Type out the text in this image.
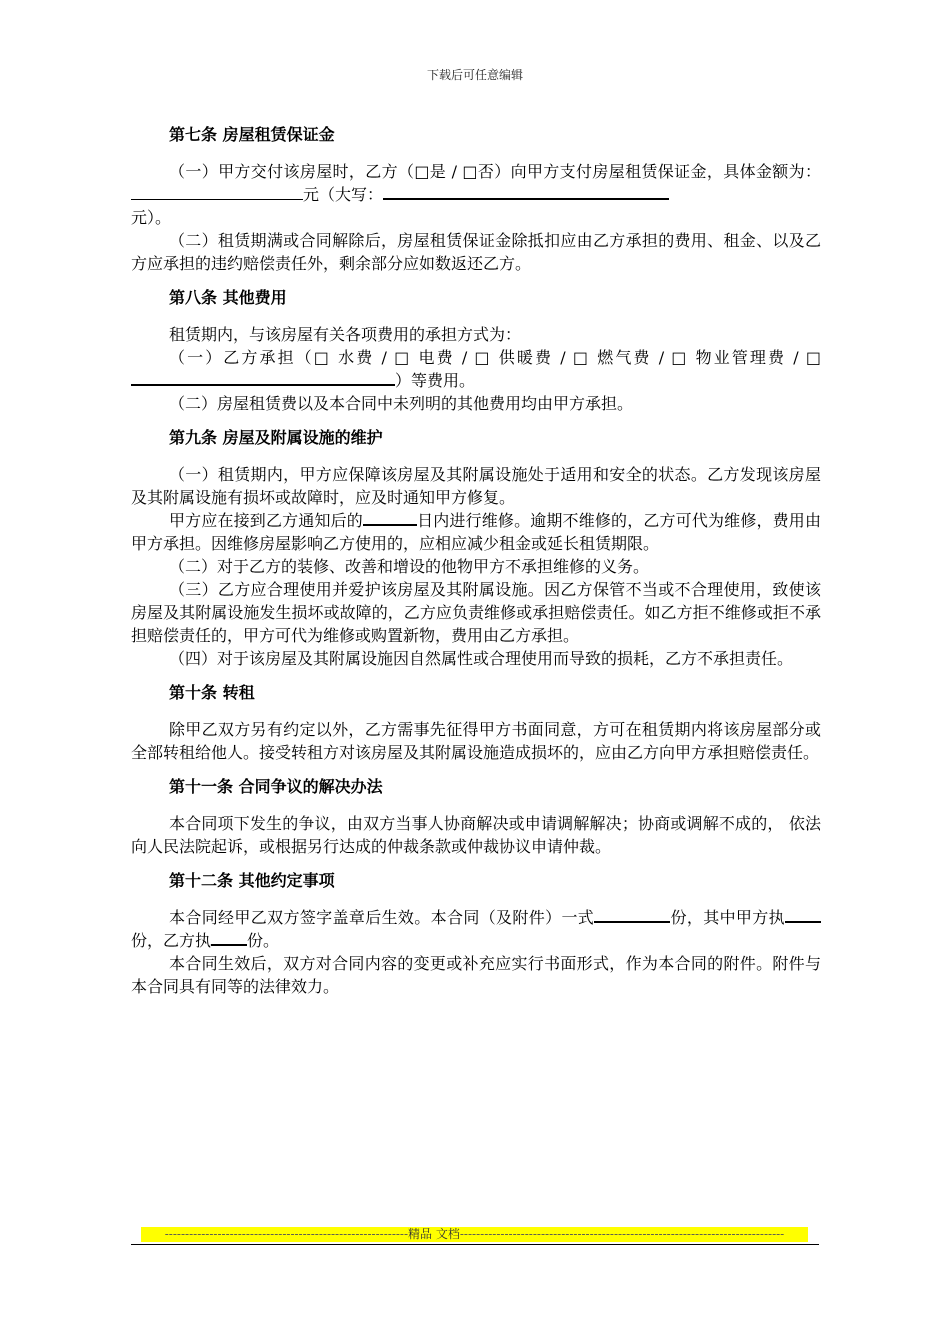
下载后可任意编辑
第七条 房屋租赁保证金

（一）甲方交付该房屋时，乙方（□是 / □否）向甲方支付房屋租赁保证金，具体金额为：元（大写：
元）。

（二）租赁期满或合同解除后，房屋租赁保证金除抵扣应由乙方承担的费用、租金、以及乙方应承担的违约赔偿责任外，剩余部分应如数返还乙方。

第八条 其他费用

租赁期内，与该房屋有关各项费用的承担方式为：

（一）乙方承担（□ 水费 / □ 电费 / □ 供暖费 / □ 燃气费 / □ 物业管理费 / □）等费用。

（二）房屋租赁费以及本合同中未列明的其他费用均由甲方承担。

第九条 房屋及附属设施的维护

（一）租赁期内，甲方应保障该房屋及其附属设施处于适用和安全的状态。乙方发现该房屋及其附属设施有损坏或故障时，应及时通知甲方修复。

甲方应在接到乙方通知后的	日内进行维修。逾期不维修的，乙方可代为维修，费用由甲方承担。因维修房屋影响乙方使用的，应相应减少租金或延长租赁期限。

（二）对于乙方的装修、改善和增设的他物甲方不承担维修的义务。

（三）乙方应合理使用并爱护该房屋及其附属设施。因乙方保管不当或不合理使用，致使该房屋及其附属设施发生损坏或故障的，乙方应负责维修或承担赔偿责任。如乙方拒不维修或拒不承担赔偿责任的，甲方可代为维修或购置新物，费用由乙方承担。

（四）对于该房屋及其附属设施因自然属性或合理使用而导致的损耗，乙方不承担责任。

第十条 转租

除甲乙双方另有约定以外，乙方需事先征得甲方书面同意，方可在租赁期内将该房屋部分或全部转租给他人。接受转租方对该房屋及其附属设施造成损坏的，应由乙方向甲方承担赔偿责任。

第十一条 合同争议的解决办法

本合同项下发生的争议，由双方当事人协商解决或申请调解解决；协商或调解不成的， 依法向人民法院起诉，或根据另行达成的仲裁条款或仲裁协议申请仲裁。

第十二条 其他约定事项

本合同经甲乙双方签字盖章后生效。本合同（及附件）一式	份，其中甲方执份，乙方执 份。

本合同生效后，双方对合同内容的变更或补充应实行书面形式，作为本合同的附件。附件与本合同具有同等的法律效力。

------------------------------------------------------------精品 文档--------------------------------------------------------------------------------
